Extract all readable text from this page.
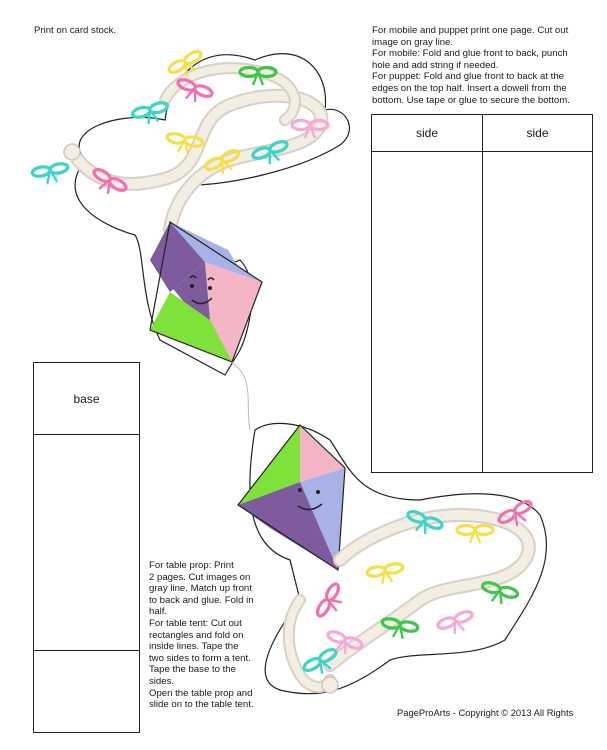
Print on card stock.	For mobile and puppet print one page. Cut out
image on gray line.
For mobile: Fold and glue front to back, punch
hole and add string if needed.
For puppet: Fold and glue front to back at the
edges on the top half. Insert a dowell from the
bottom. Use tape or glue to secure the bottom.
For table prop: Print
2 pages. Cut images on
gray line. Match up front
to back and glue. Fold in
half.
For table tent: Cut out
rectangles and fold on
inside lines. Tape the
two sides to form a tent.
Tape the base to the
sides.
Open the table prop and
slide on to the table tent.
side	side
base
PageProArts - Copyright © 2013 All Rights
